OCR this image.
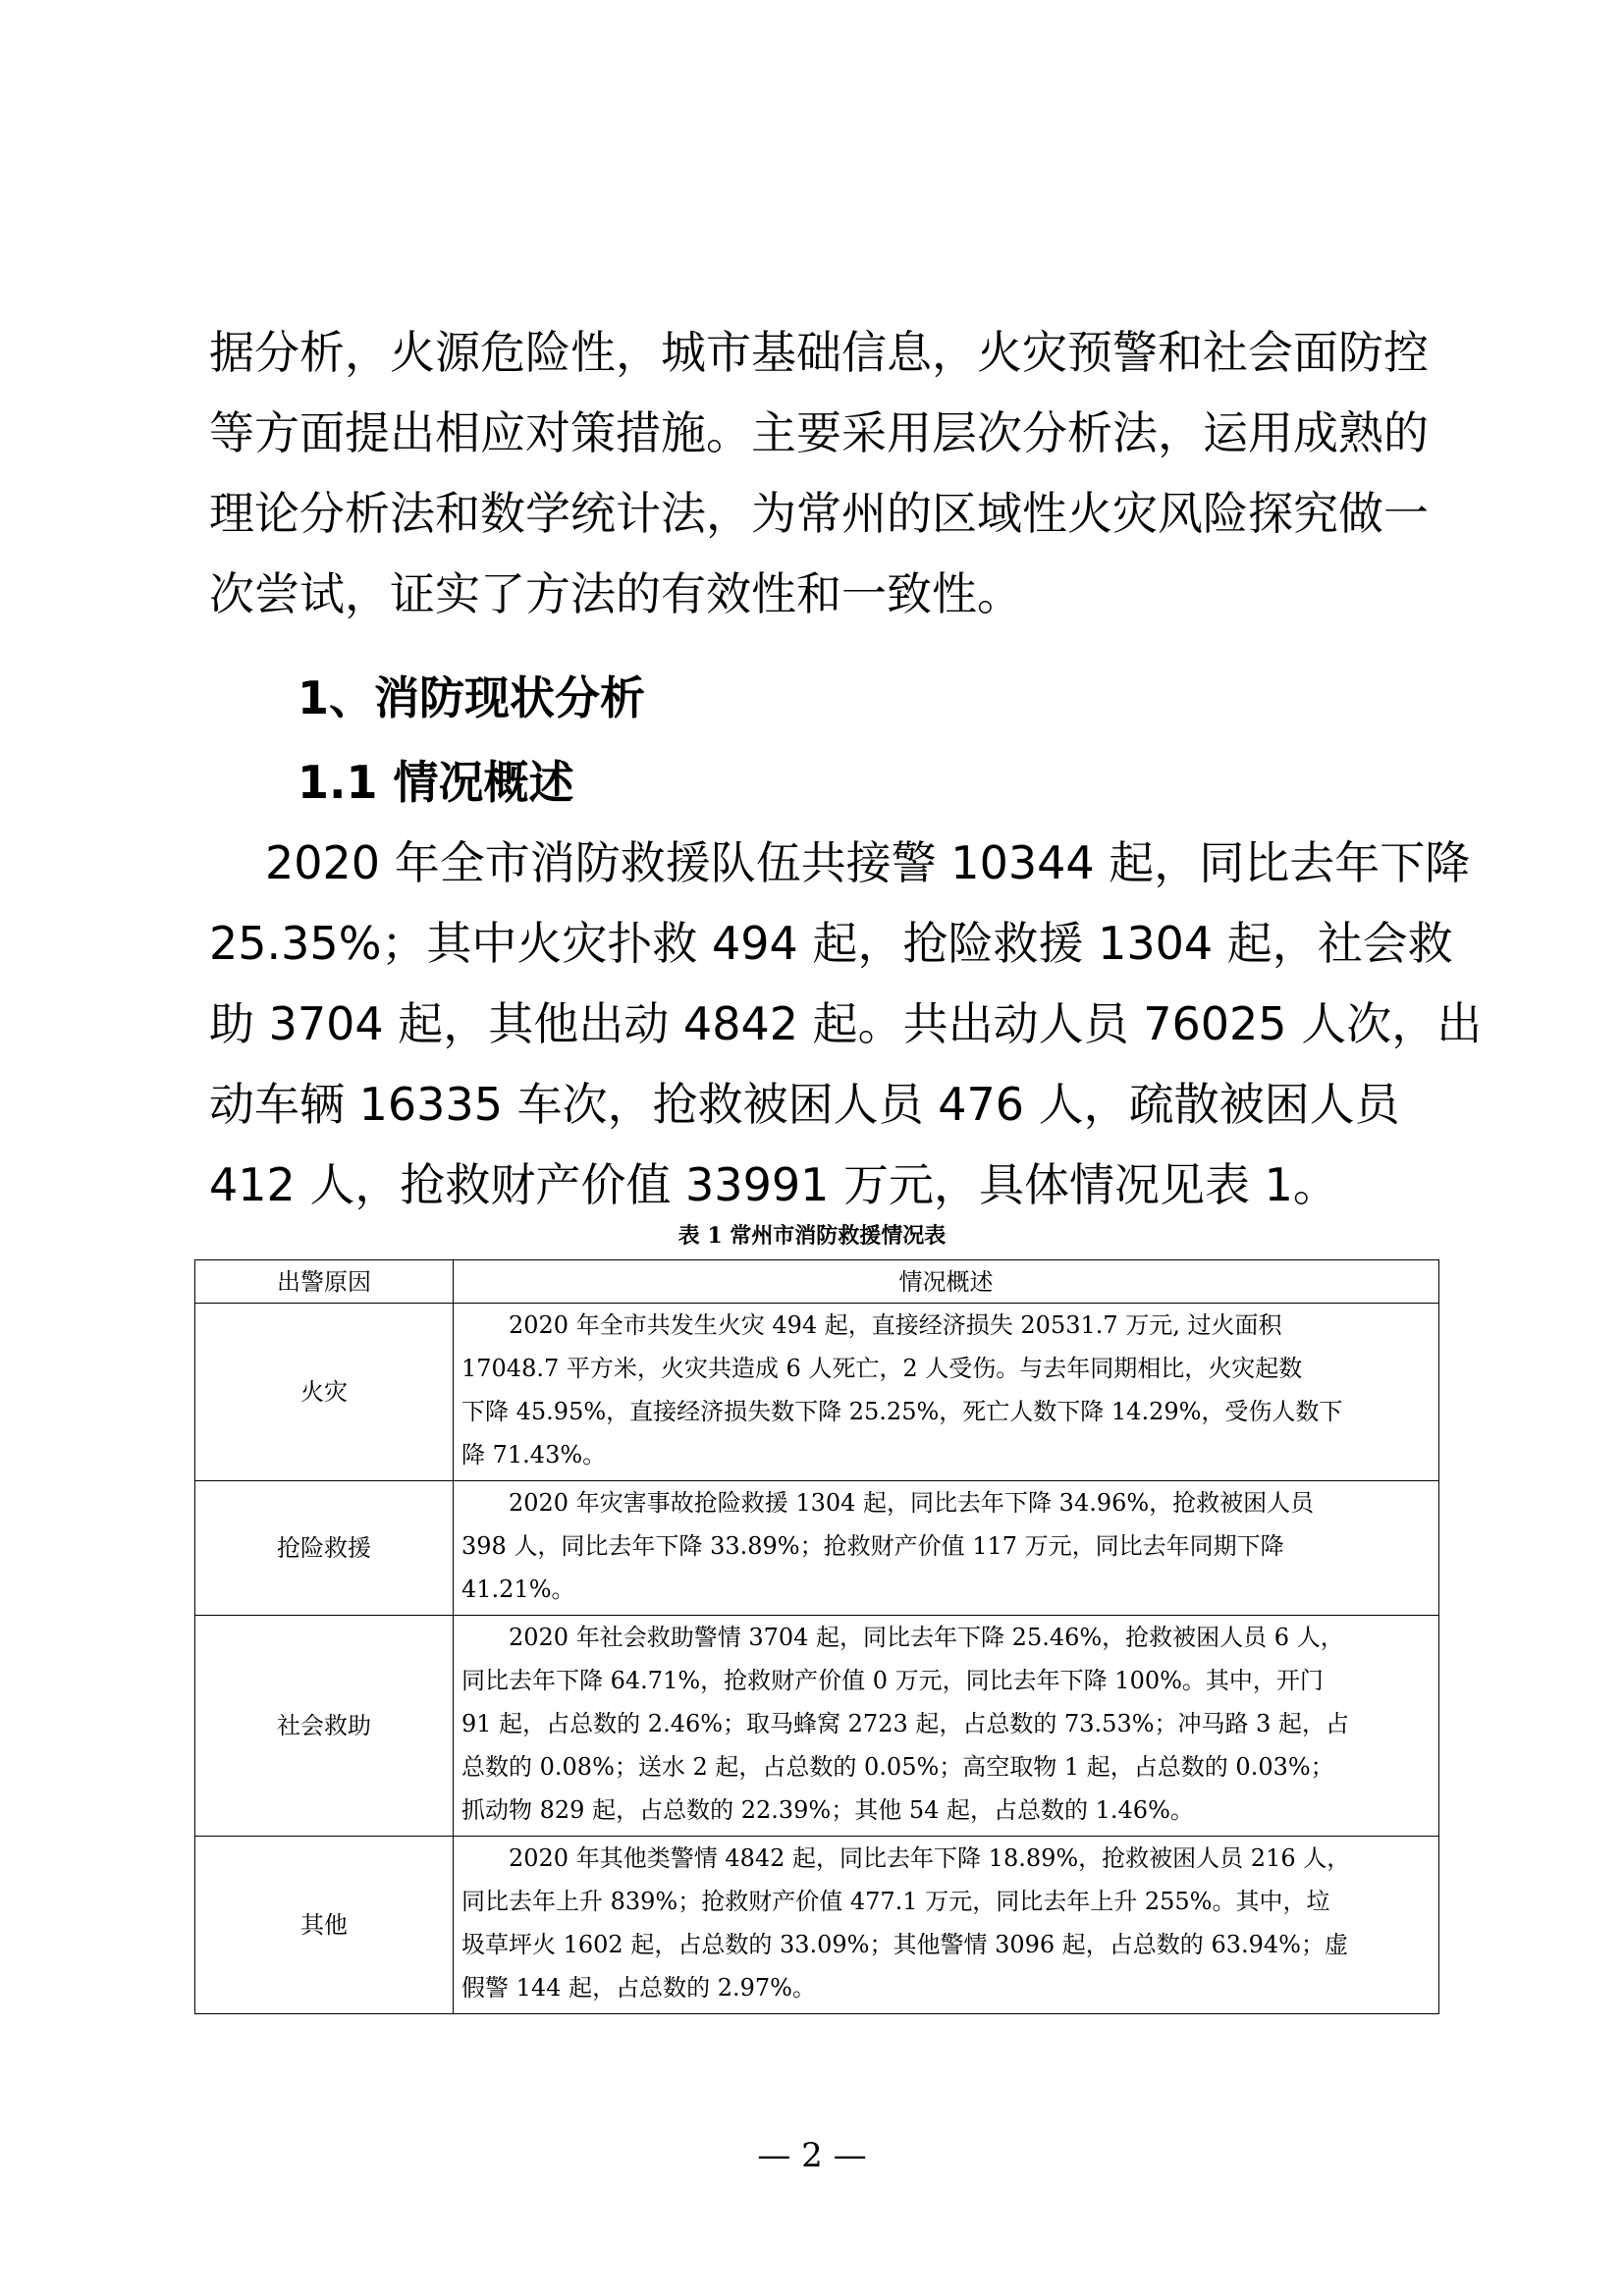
据分析，火源危险性，城市基础信息，火灾预警和社会面防控
等方面提出相应对策措施。主要采用层次分析法，运用成熟的
理论分析法和数学统计法，为常州的区域性火灾风险探究做一
次尝试，证实了方法的有效性和一致性。
1、消防现状分析
1.1 情况概述
2020 年全市消防救援队伍共接警 10344 起，同比去年下降
25.35%；其中火灾扑救 494 起，抢险救援 1304 起，社会救
助 3704 起，其他出动 4842 起。共出动人员 76025 人次，出
动车辆 16335 车次，抢救被困人员 476 人，疏散被困人员
412 人，抢救财产价值 33991 万元，具体情况见表 1。

表 1 常州市消防救援情况表

出警原因	情况概述
火灾	2020 年全市共发生火灾 494 起，直接经济损失 20531.7 万元, 过火面积
17048.7 平方米，火灾共造成 6 人死亡，2 人受伤。与去年同期相比，火灾起数
下降 45.95%，直接经济损失数下降 25.25%，死亡人数下降 14.29%，受伤人数下
降 71.43%。

抢险救援	2020 年灾害事故抢险救援 1304 起，同比去年下降 34.96%，抢救被困人员
398 人，同比去年下降 33.89%；抢救财产价值 117 万元，同比去年同期下降
41.21%。

社会救助	2020 年社会救助警情 3704 起，同比去年下降 25.46%，抢救被困人员 6 人，
同比去年下降 64.71%，抢救财产价值 0 万元，同比去年下降 100%。其中，开门
91 起，占总数的 2.46%；取马蜂窝 2723 起，占总数的 73.53%；冲马路 3 起，占
总数的 0.08%；送水 2 起，占总数的 0.05%；高空取物 1 起，占总数的 0.03%；
抓动物 829 起，占总数的 22.39%；其他 54 起，占总数的 1.46%。

其他	2020 年其他类警情 4842 起，同比去年下降 18.89%，抢救被困人员 216 人，
同比去年上升 839%；抢救财产价值 477.1 万元，同比去年上升 255%。其中，垃
圾草坪火 1602 起，占总数的 33.09%；其他警情 3096 起，占总数的 63.94%；虚
假警 144 起，占总数的 2.97%。

— 2 —
